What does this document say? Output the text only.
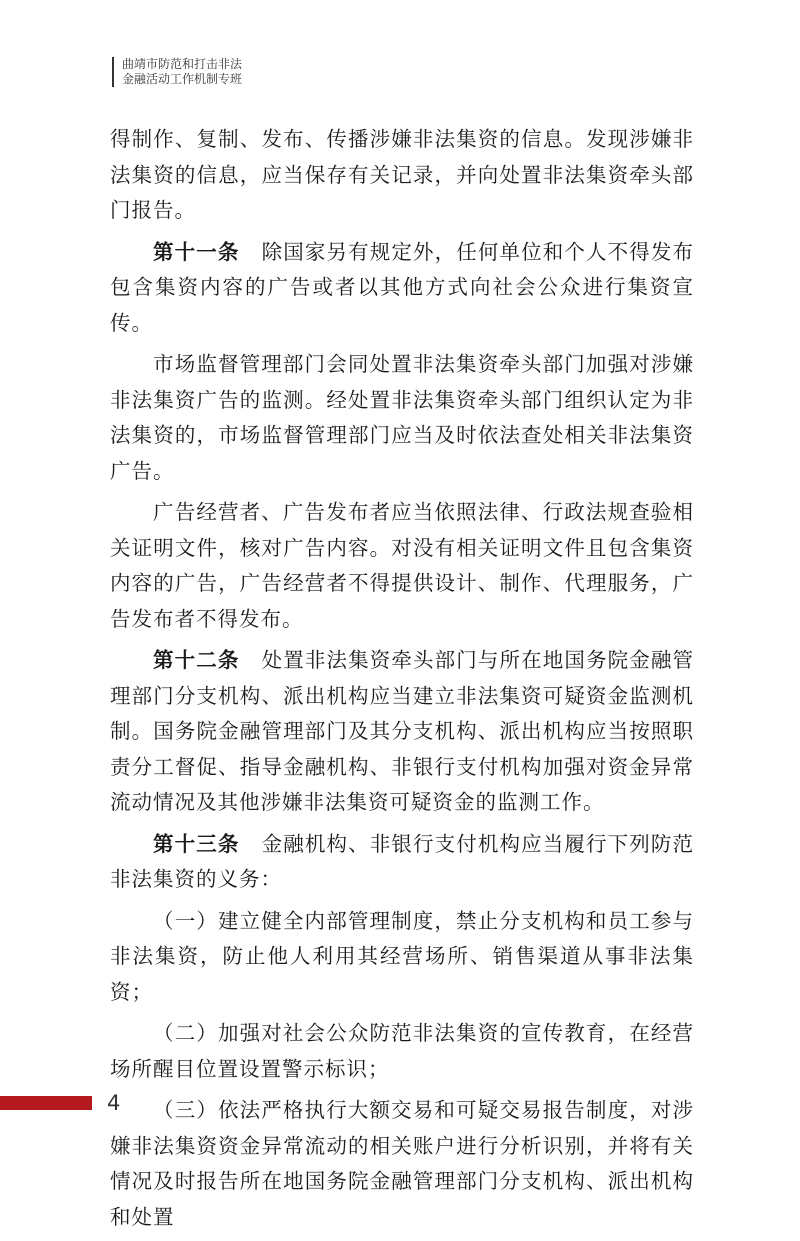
曲靖市防范和打击非法
金融活动工作机制专班

得制作、复制、发布、传播涉嫌非法集资的信息。发现涉嫌非法集资的信息，应当保存有关记录，并向处置非法集资牵头部门报告。

第十一条 除国家另有规定外，任何单位和个人不得发布包含集资内容的广告或者以其他方式向社会公众进行集资宣传。

市场监督管理部门会同处置非法集资牵头部门加强对涉嫌非法集资广告的监测。经处置非法集资牵头部门组织认定为非法集资的，市场监督管理部门应当及时依法查处相关非法集资广告。

广告经营者、广告发布者应当依照法律、行政法规查验相关证明文件，核对广告内容。对没有相关证明文件且包含集资内容的广告，广告经营者不得提供设计、制作、代理服务，广告发布者不得发布。

第十二条 处置非法集资牵头部门与所在地国务院金融管理部门分支机构、派出机构应当建立非法集资可疑资金监测机制。国务院金融管理部门及其分支机构、派出机构应当按照职责分工督促、指导金融机构、非银行支付机构加强对资金异常流动情况及其他涉嫌非法集资可疑资金的监测工作。

第十三条 金融机构、非银行支付机构应当履行下列防范非法集资的义务：

（一）建立健全内部管理制度，禁止分支机构和员工参与非法集资，防止他人利用其经营场所、销售渠道从事非法集资；

（二）加强对社会公众防范非法集资的宣传教育，在经营场所醒目位置设置警示标识；

（三）依法严格执行大额交易和可疑交易报告制度，对涉嫌非法集资资金异常流动的相关账户进行分析识别，并将有关情况及时报告所在地国务院金融管理部门分支机构、派出机构和处置

4
